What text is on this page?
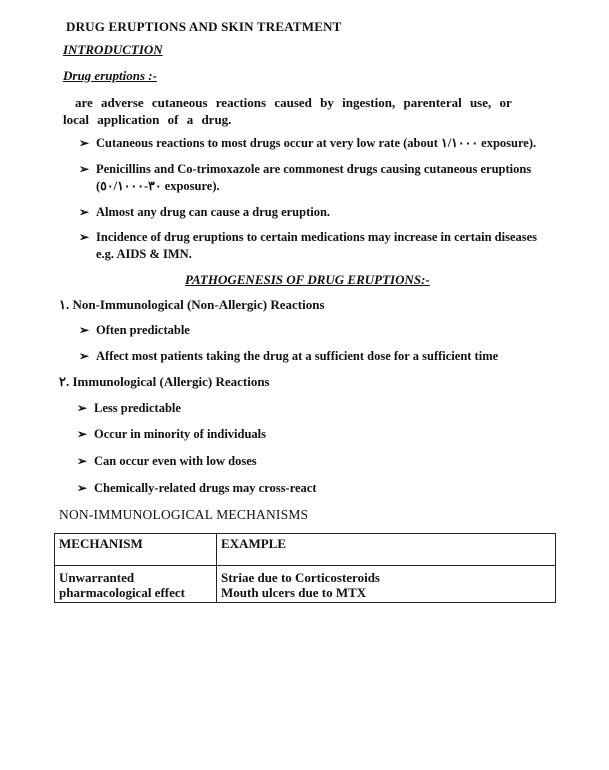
DRUG ERUPTIONS AND SKIN TREATMENT
INTRODUCTION
Drug eruptions :-
are adverse cutaneous reactions caused by ingestion, parenteral use, or local application of a drug.
➢ Cutaneous reactions to most drugs occur at very low rate (about ١/١٠٠٠ exposure).
➢ Penicillins and Co-trimoxazole are commonest drugs causing cutaneous eruptions (٣٠-٥٠/١٠٠٠ exposure).
➢ Almost any drug can cause a drug eruption.
➢ Incidence of drug eruptions to certain medications may increase in certain diseases e.g. AIDS & IMN.
PATHOGENESIS OF DRUG ERUPTIONS:-
١. Non-Immunological (Non-Allergic) Reactions
➢ Often predictable
➢ Affect most patients taking the drug at a sufficient dose for a sufficient time
٢. Immunological (Allergic) Reactions
➢ Less predictable
➢ Occur in minority of individuals
➢ Can occur even with low doses
➢ Chemically-related drugs may cross-react
NON-IMMUNOLOGICAL MECHANISMS
MECHANISM	EXAMPLE
Unwarranted pharmacological effect	Striae due to Corticosteroids
Mouth ulcers due to MTX
